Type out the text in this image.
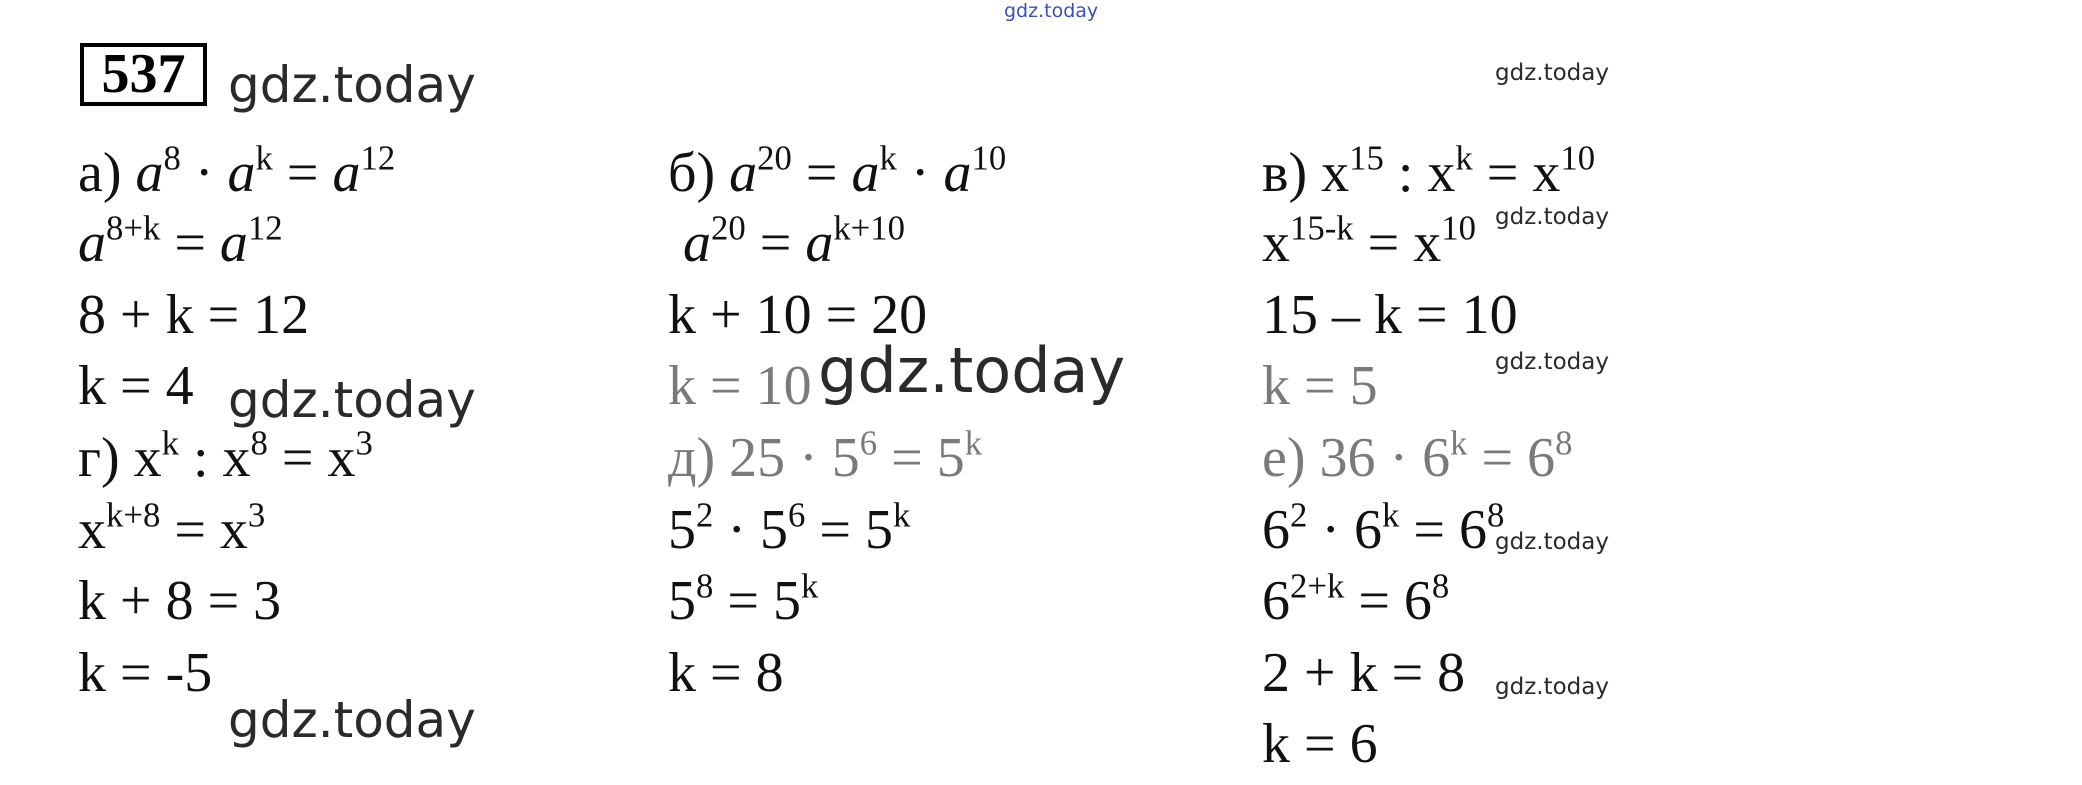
gdz.today
537 gdz.today	gdz.today
gdz.today
gdz.today
gdz.today
gdz.today
gdz.today
gdz.today
а) $a^8 \cdot a^k = a^{12}$
$a^{8+k} = a^{12}$
8 + k = 12
k = 4
б) $a^{20} = a^k \cdot a^{10}$
$a^{20} = a^{k+10}$
k + 10 = 20
k = 10
в) $x^{15}$ : $x^k = x^{10}$
$x^{15-k} = x^{10}$
15 – k = 10
k = 5
gdz.today
г) $x^k$ : $x^8 = x^3$
$x^{k+8} = x^3$
k + 8 = 3
k = -5
д) $25 \cdot 5^6 = 5^k$
$5^2 \cdot 5^6 = 5^k$
$5^8 = 5^k$
k = 8
е) $36 \cdot 6^k = 6^8$
$6^2 \cdot 6^k = 6^8$
$6^{2+k} = 6^8$
2 + k = 8
k = 6
